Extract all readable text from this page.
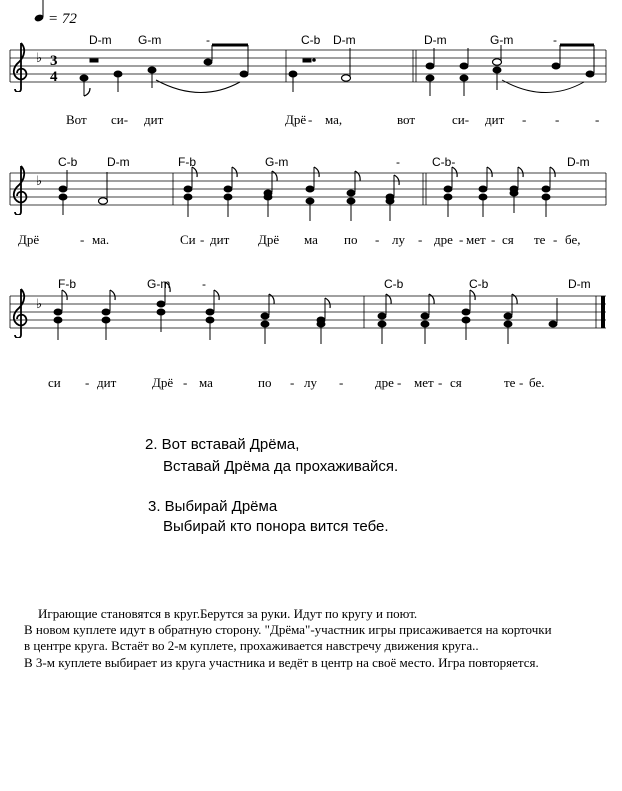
= 72
♭ 3
4
D-m G-m	-	C-b D-m	D-m	G-m	-
Вот си- дит	Дрё - ма,	вот	си- дит - -	-
♭
C-b D-m	F-b	G-m	-	C-b-	D-m
Дрё	- ма.	Си - дит Дрё ма по - лу - дре - мет - ся те - бе,
♭
F-b	G-m	-	C-b	C-b	D-m
си - дит	Дрё - ма	по - лу - дре - мет - ся	те - бе.
2. Вот вставай Дрёма,
Вставай Дрёма да прохаживайся.
3. Выбирай Дрёма
Выбирай кто понора вится тебе.
Играющие становятся в круг.Берутся за руки. Идут по кругу и поют.
В новом куплете идут в обратную сторону. "Дрёма"-участник игры присаживается на корточки
в центре круга. Встаёт во 2-м куплете, прохаживается навстречу движения круга..
В 3-м куплете выбирает из круга участника и ведёт в центр на своё место. Игра повторяется.
